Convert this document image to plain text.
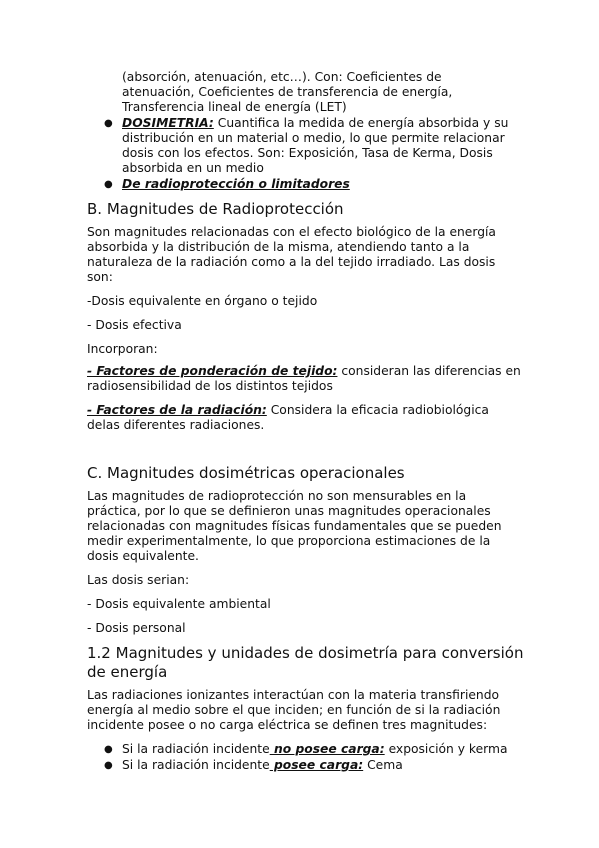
(absorción, atenuación, etc…). Con: Coeficientes de
atenuación, Coeficientes de transferencia de energía,
Transferencia lineal de energía (LET)
● DOSIMETRIA: Cuantifica la medida de energía absorbida y su
distribución en un material o medio, lo que permite relacionar
dosis con los efectos. Son: Exposición, Tasa de Kerma, Dosis
absorbida en un medio
● De radioprotección o limitadores
B. Magnitudes de Radioprotección
Son magnitudes relacionadas con el efecto biológico de la energía
absorbida y la distribución de la misma, atendiendo tanto a la
naturaleza de la radiación como a la del tejido irradiado. Las dosis
son:
-Dosis equivalente en órgano o tejido
- Dosis efectiva
Incorporan:
- Factores de ponderación de tejido: consideran las diferencias en
radiosensibilidad de los distintos tejidos
- Factores de la radiación: Considera la eficacia radiobiológica
delas diferentes radiaciones.
C. Magnitudes dosimétricas operacionales
Las magnitudes de radioprotección no son mensurables en la
práctica, por lo que se definieron unas magnitudes operacionales
relacionadas con magnitudes físicas fundamentales que se pueden
medir experimentalmente, lo que proporciona estimaciones de la
dosis equivalente.
Las dosis serian:
- Dosis equivalente ambiental
- Dosis personal
1.2 Magnitudes y unidades de dosimetría para conversión
de energía
Las radiaciones ionizantes interactúan con la materia transfiriendo
energía al medio sobre el que inciden; en función de si la radiación
incidente posee o no carga eléctrica se definen tres magnitudes:
● Si la radiación incidente no posee carga: exposición y kerma
● Si la radiación incidente posee carga: Cema
